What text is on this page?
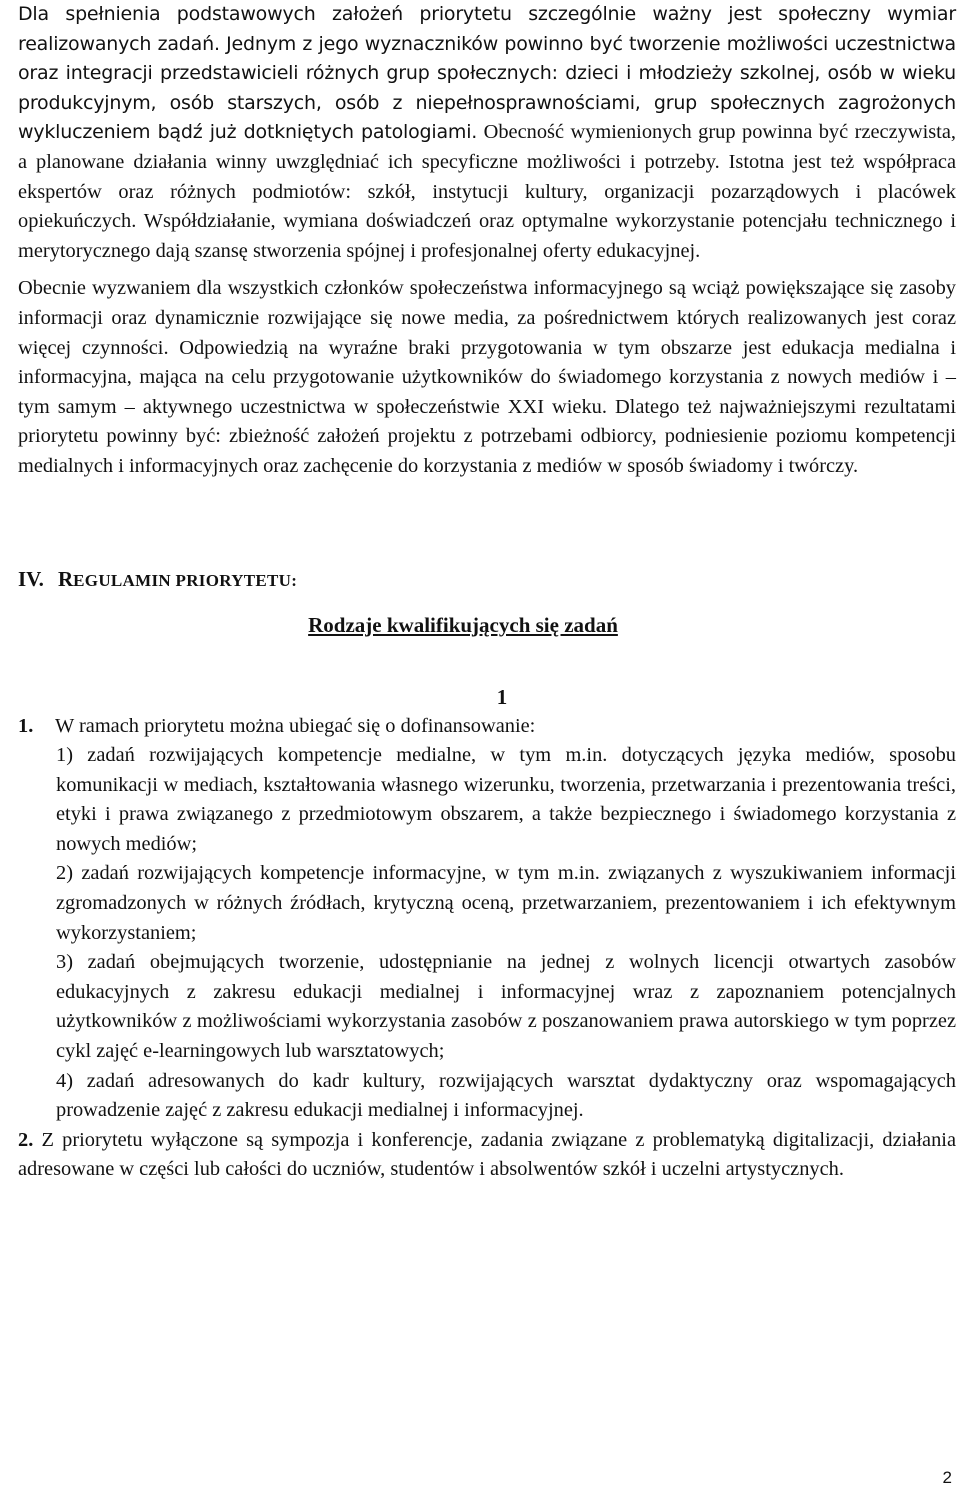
Dla spełnienia podstawowych założeń priorytetu szczególnie ważny jest społeczny wymiar realizowanych zadań. Jednym z jego wyznaczników powinno być tworzenie możliwości uczestnictwa oraz integracji przedstawicieli różnych grup społecznych: dzieci i młodzieży szkolnej, osób w wieku produkcyjnym, osób starszych, osób z niepełnosprawnościami, grup społecznych zagrożonych wykluczeniem bądź już dotkniętych patologiami. Obecność wymienionych grup powinna być rzeczywista, a planowane działania winny uwzględniać ich specyficzne możliwości i potrzeby. Istotna jest też współpraca ekspertów oraz różnych podmiotów: szkół, instytucji kultury, organizacji pozarządowych i placówek opiekuńczych. Współdziałanie, wymiana doświadczeń oraz optymalne wykorzystanie potencjału technicznego i merytorycznego dają szansę stworzenia spójnej i profesjonalnej oferty edukacyjnej.

Obecnie wyzwaniem dla wszystkich członków społeczeństwa informacyjnego są wciąż powiększające się zasoby informacji oraz dynamicznie rozwijające się nowe media, za pośrednictwem których realizowanych jest coraz więcej czynności. Odpowiedzią na wyraźne braki przygotowania w tym obszarze jest edukacja medialna i informacyjna, mająca na celu przygotowanie użytkowników do świadomego korzystania z nowych mediów i – tym samym – aktywnego uczestnictwa w społeczeństwie XXI wieku. Dlatego też najważniejszymi rezultatami priorytetu powinny być: zbieżność założeń projektu z potrzebami odbiorcy, podniesienie poziomu kompetencji medialnych i informacyjnych oraz zachęcenie do korzystania z mediów w sposób świadomy i twórczy.

IV. REGULAMIN PRIORYTETU:
Rodzaje kwalifikujących się zadań
1
1.	W ramach priorytetu można ubiegać się o dofinansowanie:

1) zadań rozwijających kompetencje medialne, w tym m.in. dotyczących języka mediów, sposobu komunikacji w mediach, kształtowania własnego wizerunku, tworzenia, przetwarzania i prezentowania treści, etyki i prawa związanego z przedmiotowym obszarem, a także bezpiecznego i świadomego korzystania z nowych mediów;

2) zadań rozwijających kompetencje informacyjne, w tym m.in. związanych z wyszukiwaniem informacji zgromadzonych w różnych źródłach, krytyczną oceną, przetwarzaniem, prezentowaniem i ich efektywnym wykorzystaniem;

3) zadań obejmujących tworzenie, udostępnianie na jednej z wolnych licencji otwartych zasobów edukacyjnych z zakresu edukacji medialnej i informacyjnej wraz z zapoznaniem potencjalnych użytkowników z możliwościami wykorzystania zasobów z poszanowaniem prawa autorskiego w tym poprzez cykl zajęć e-learningowych lub warsztatowych;

4) zadań adresowanych do kadr kultury, rozwijających warsztat dydaktyczny oraz wspomagających prowadzenie zajęć z zakresu edukacji medialnej i informacyjnej.

2. Z priorytetu wyłączone są sympozja i konferencje, zadania związane z problematyką digitalizacji, działania adresowane w części lub całości do uczniów, studentów i absolwentów szkół i uczelni artystycznych.

2
